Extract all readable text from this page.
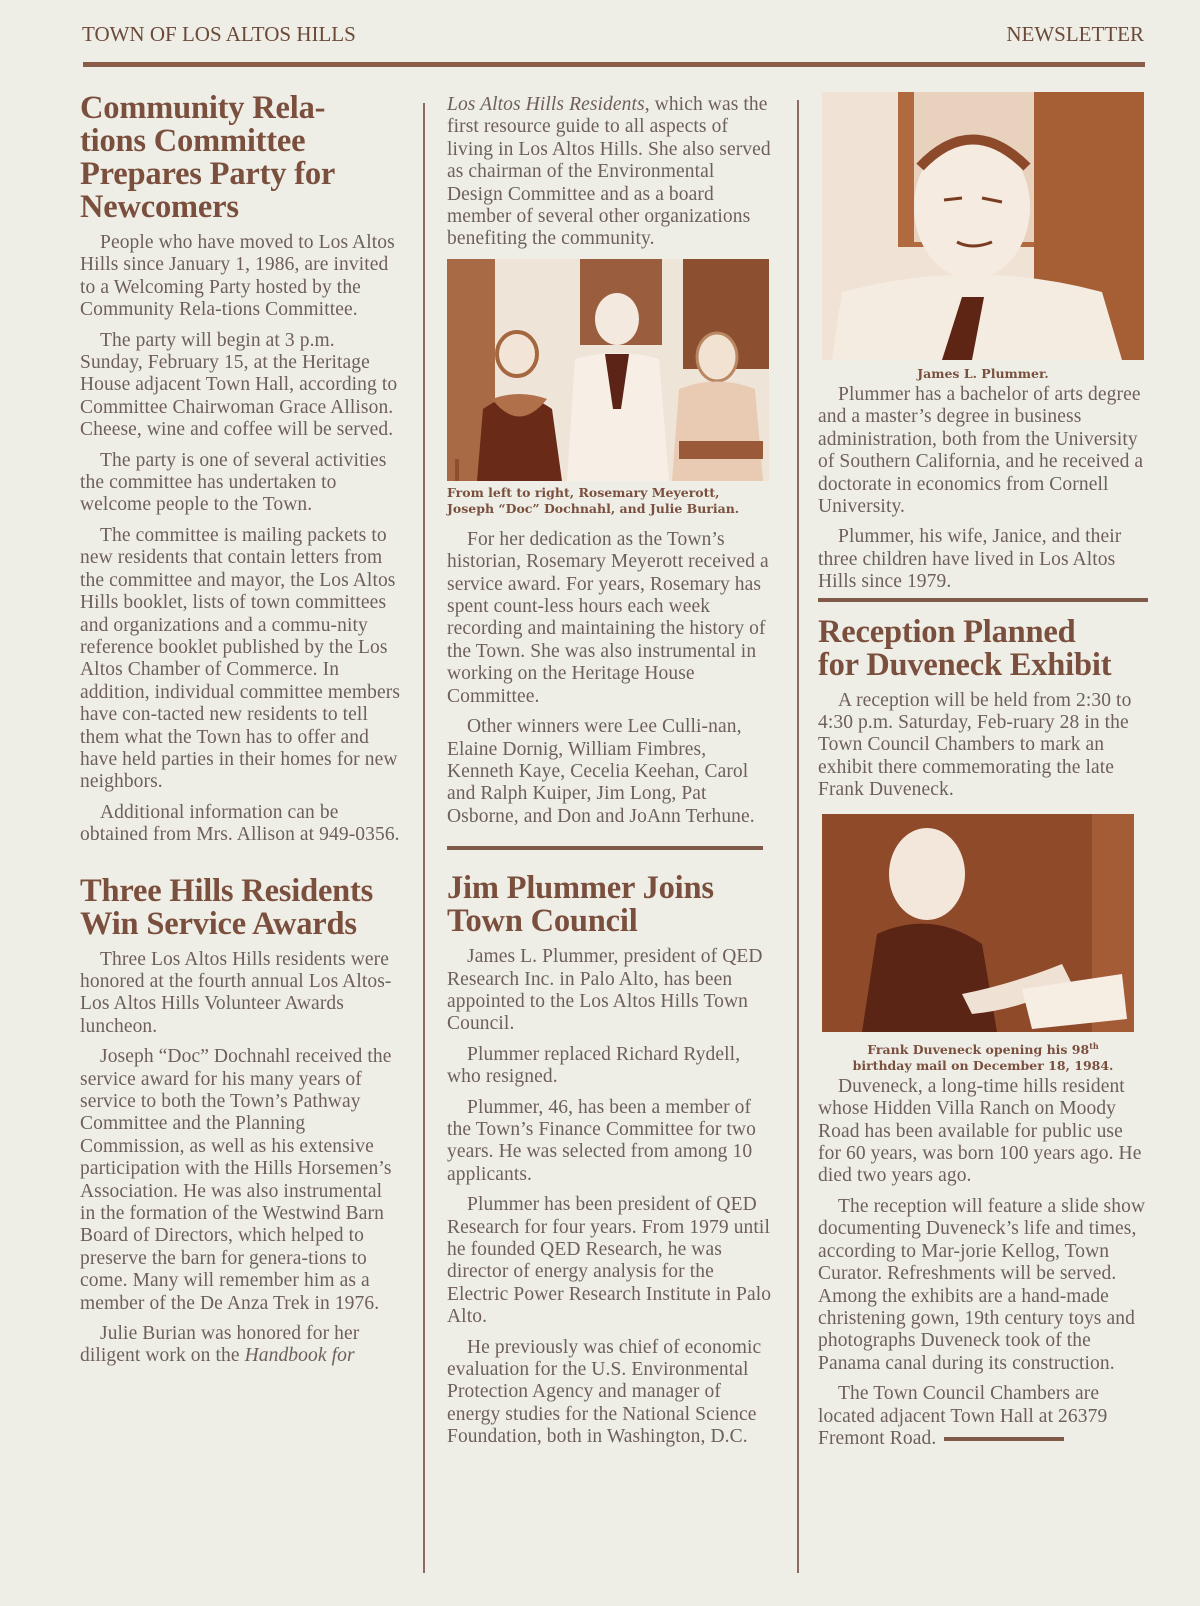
TOWN OF LOS ALTOS HILLS	NEWSLETTER
Community Rela-
tions Committee
Prepares Party for
Newcomers

People who have moved to Los Altos Hills since January 1, 1986, are invited to a Welcoming Party hosted by the Community Rela-tions Committee.

The party will begin at 3 p.m. Sunday, February 15, at the Heritage House adjacent Town Hall, according to Committee Chairwoman Grace Allison. Cheese, wine and coffee will be served.

The party is one of several activities the committee has undertaken to welcome people to the Town.

The committee is mailing packets to new residents that contain letters from the committee and mayor, the Los Altos Hills booklet, lists of town committees and organizations and a commu-nity reference booklet published by the Los Altos Chamber of Commerce. In addition, individual committee members have con-tacted new residents to tell them what the Town has to offer and have held parties in their homes for new neighbors.

Additional information can be obtained from Mrs. Allison at 949-0356.

Three Hills Residents
Win Service Awards

Three Los Altos Hills residents were honored at the fourth annual Los Altos-Los Altos Hills Volunteer Awards luncheon.

Joseph “Doc” Dochnahl received the service award for his many years of service to both the Town’s Pathway Committee and the Planning Commission, as well as his extensive participation with the Hills Horsemen’s Association. He was also instrumental in the formation of the Westwind Barn Board of Directors, which helped to preserve the barn for genera-tions to come. Many will remember him as a member of the De Anza Trek in 1976.

Julie Burian was honored for her diligent work on the Handbook for

Los Altos Hills Residents, which was the first resource guide to all aspects of living in Los Altos Hills. She also served as chairman of the Environmental Design Committee and as a board member of several other organizations benefiting the community.

From left to right, Rosemary Meyerott,
Joseph “Doc” Dochnahl, and Julie Burian.

For her dedication as the Town’s historian, Rosemary Meyerott received a service award. For years, Rosemary has spent count-less hours each week recording and maintaining the history of the Town. She was also instrumental in working on the Heritage House Committee.

Other winners were Lee Culli-nan, Elaine Dornig, William Fimbres, Kenneth Kaye, Cecelia Keehan, Carol and Ralph Kuiper, Jim Long, Pat Osborne, and Don and JoAnn Terhune.

Jim Plummer Joins
Town Council

James L. Plummer, president of QED Research Inc. in Palo Alto, has been appointed to the Los Altos Hills Town Council.

Plummer replaced Richard Rydell, who resigned.

Plummer, 46, has been a member of the Town’s Finance Committee for two years. He was selected from among 10 applicants.

Plummer has been president of QED Research for four years. From 1979 until he founded QED Research, he was director of energy analysis for the Electric Power Research Institute in Palo Alto.

He previously was chief of economic evaluation for the U.S. Environmental Protection Agency and manager of energy studies for the National Science Foundation, both in Washington, D.C.

James L. Plummer.

Plummer has a bachelor of arts degree and a master’s degree in business administration, both from the University of Southern California, and he received a doctorate in economics from Cornell University.

Plummer, his wife, Janice, and their three children have lived in Los Altos Hills since 1979.

Reception Planned
for Duveneck Exhibit

A reception will be held from 2:30 to 4:30 p.m. Saturday, Feb-ruary 28 in the Town Council Chambers to mark an exhibit there commemorating the late Frank Duveneck.

Frank Duveneck opening his 98th
birthday mail on December 18, 1984.

Duveneck, a long-time hills resident whose Hidden Villa Ranch on Moody Road has been available for public use for 60 years, was born 100 years ago. He died two years ago.

The reception will feature a slide show documenting Duveneck’s life and times, according to Mar-jorie Kellog, Town Curator. Refreshments will be served. Among the exhibits are a hand-made christening gown, 19th century toys and photographs Duveneck took of the Panama canal during its construction.

The Town Council Chambers are located adjacent Town Hall at 26379 Fremont Road.
